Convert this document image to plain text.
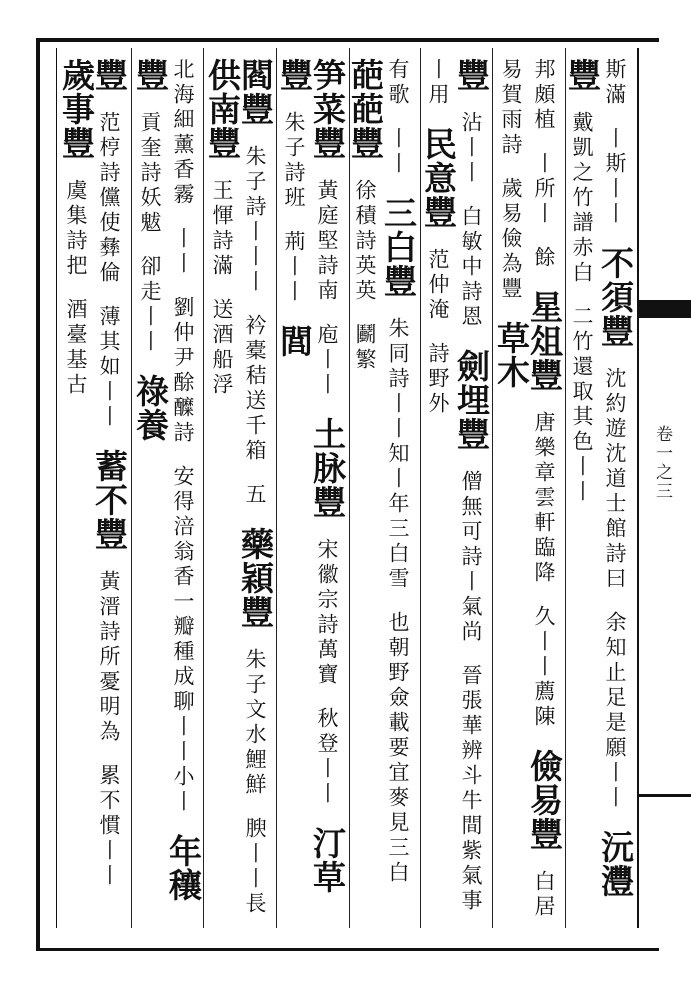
卷一之三
斯滿 丨斯丨丨 不須豐 沈約遊沈道士館詩曰 余知止足是願丨丨 沅灃豐 戴凱之竹譜赤白 二竹還取其色丨丨
邦頗植 丨所丨 餘 星俎豐 唐樂章雲軒臨降 久丨丨薦陳 儉易豐 白居易賀雨詩 歲易儉為豐 草木
豐 沾丨丨 白敏中詩恩 劍埋豐 僧無可詩丨氣尚 晉張華辨斗牛間紫氣事 丨用 民意豐 范仲淹 詩野外
有歌 丨丨 三白豐 朱同詩丨丨知丨年三白雪 也朝野僉載要宜麥見三白 葩葩豐 徐積詩英英 鬬繁
笋菜豐 黃庭堅詩南 庖丨丨 土脉豐 宋徽宗詩萬寶 秋登丨丨 汀草豐 朱子詩班 荊丨丨 閭
閻豐 朱子詩丨丨丨 衿橐秸送千箱 五 藥穎豐 朱子文水鯉鮮 腴丨丨長 供南豐 王惲詩滿 送酒船浮
北海細薰香霧 丨丨 劉仲尹酴醾詩 安得涪翁香一瓣種成聊丨丨小丨 年穰豐 貢奎詩妖魃 卻走丨丨 祿養
豐 范梈詩儻使彝倫 薄其如丨丨 蓄不豐 黃溍詩所憂明為 累不慣丨丨 歲事豐 虞集詩把 酒臺基古
